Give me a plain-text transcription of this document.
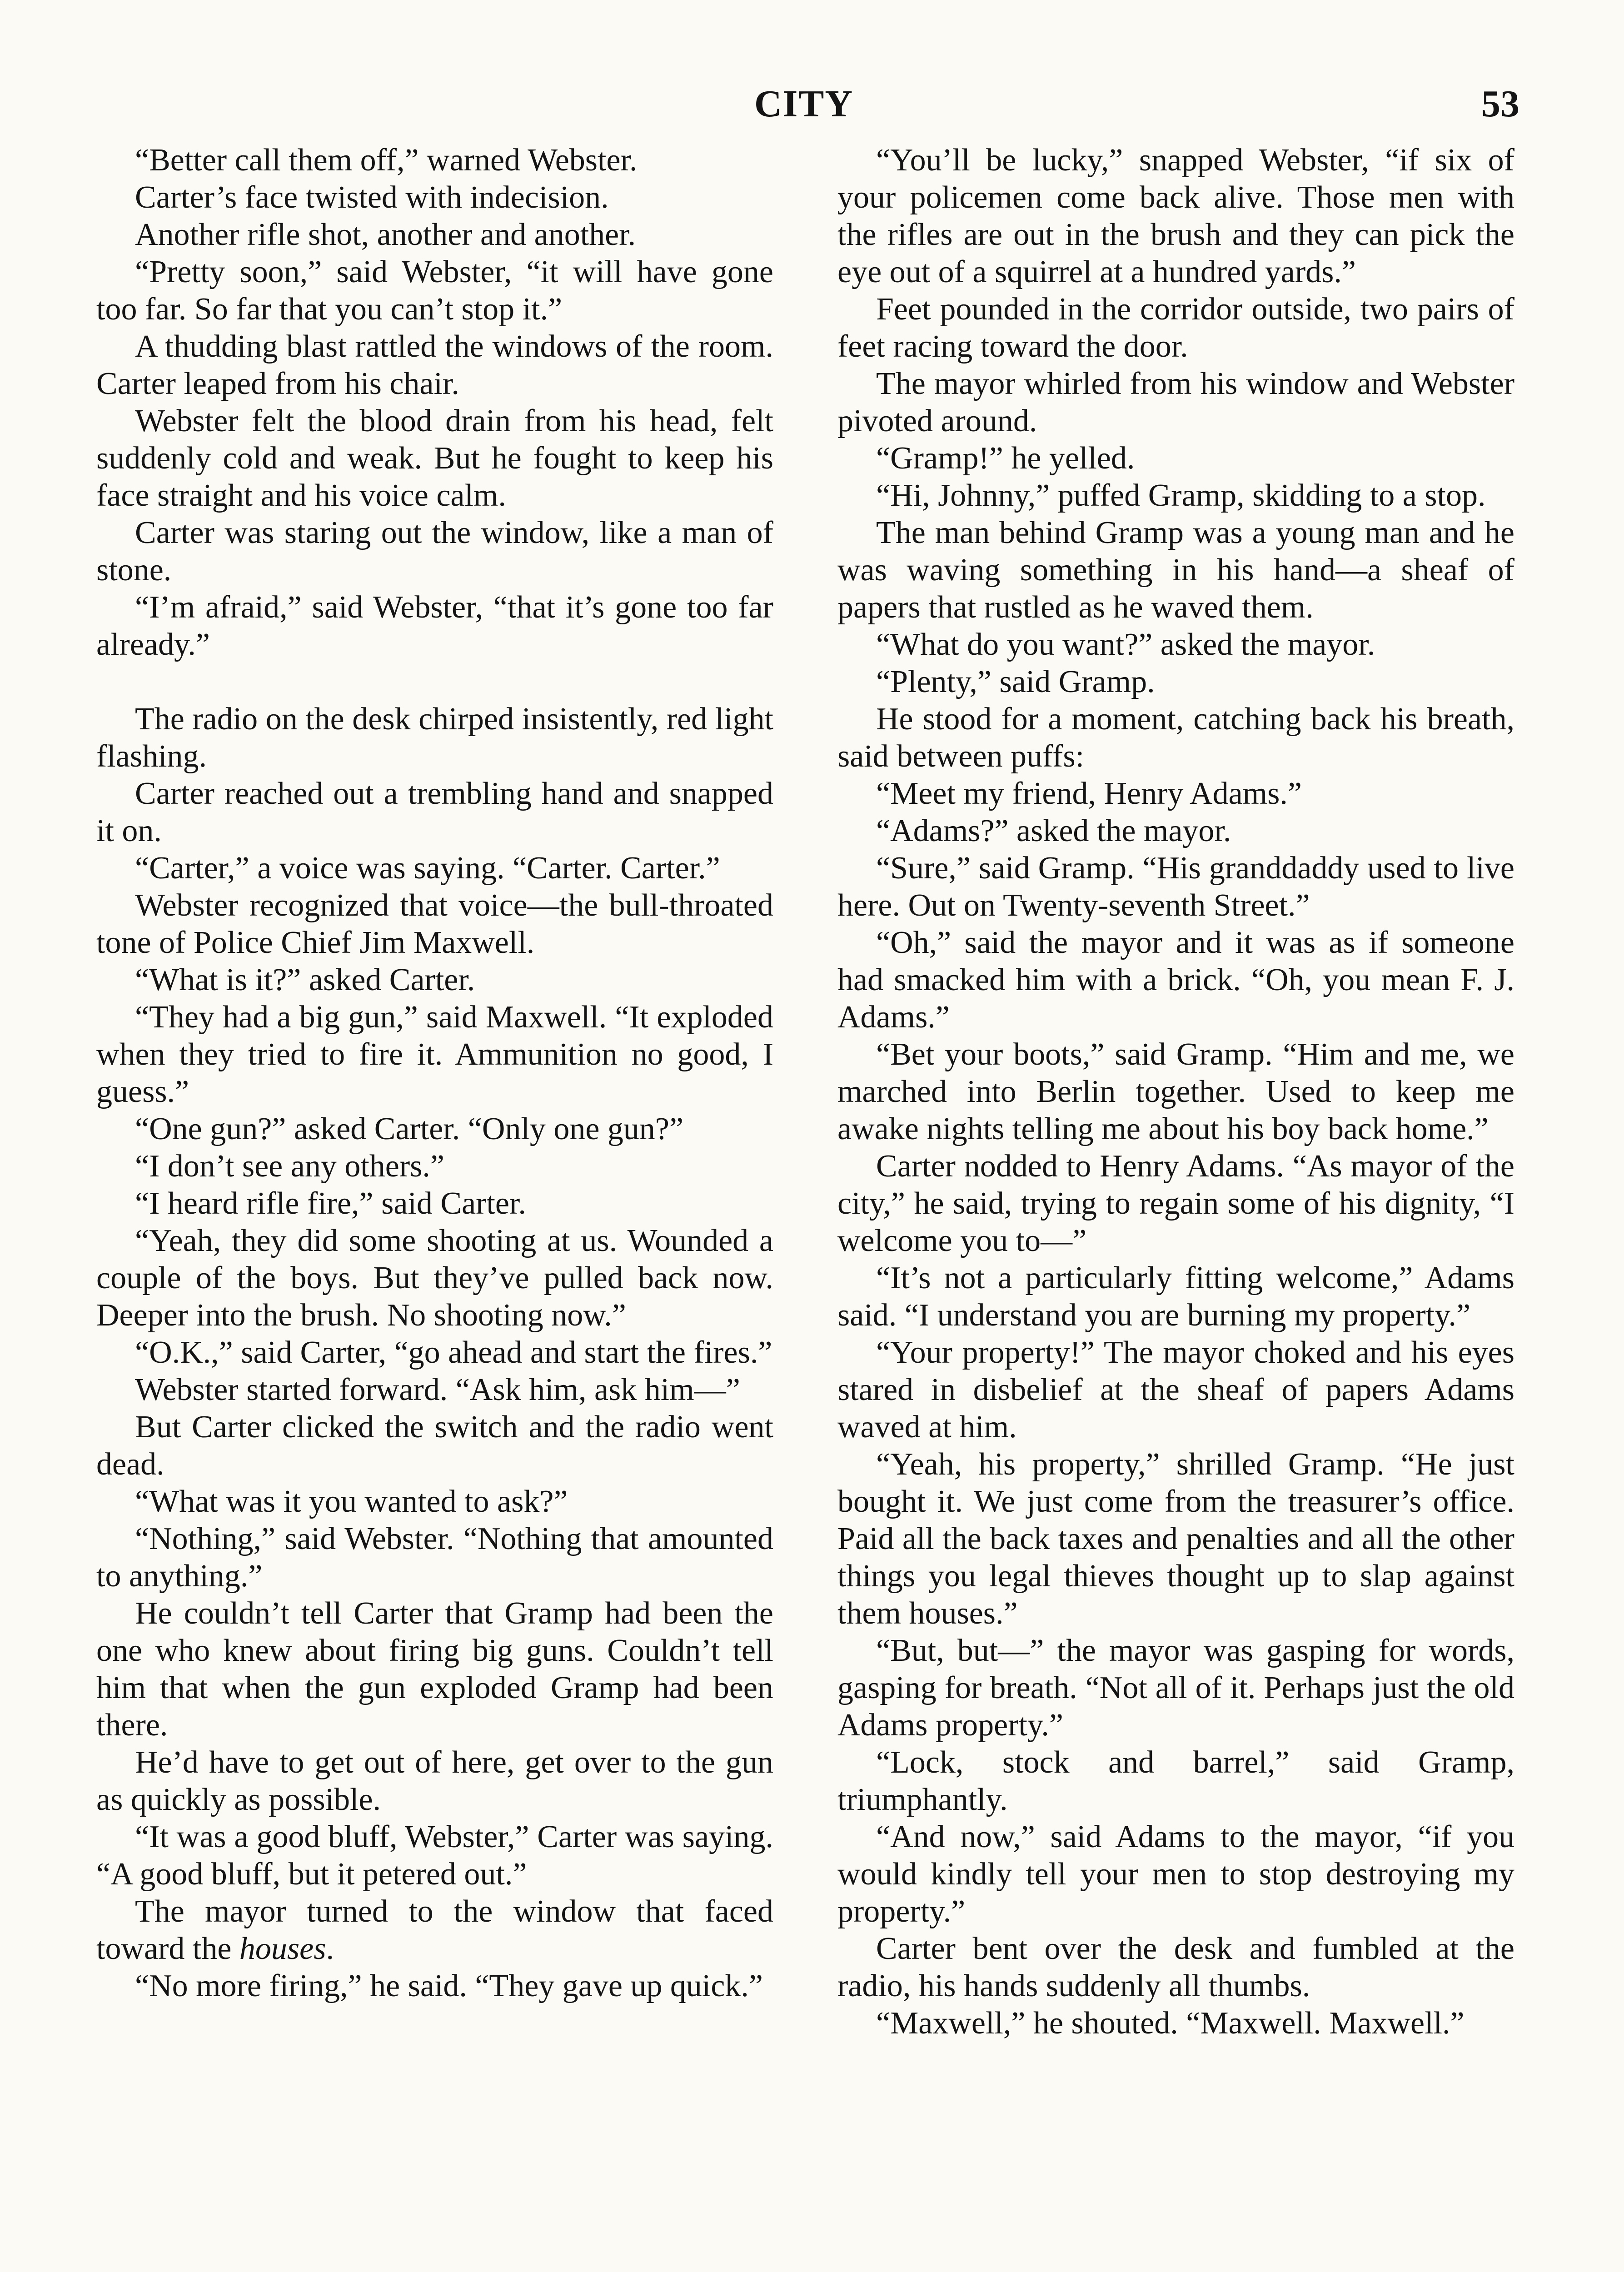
CITY	53

“Better call them off,” warned Webster.

Carter’s face twisted with indecision.

Another rifle shot, another and another.

“Pretty soon,” said Webster, “it will have gone too far. So far that you can’t stop it.”

A thudding blast rattled the windows of the room. Carter leaped from his chair.

Webster felt the blood drain from his head, felt suddenly cold and weak. But he fought to keep his face straight and his voice calm.

Carter was staring out the window, like a man of stone.

“I’m afraid,” said Webster, “that it’s gone too far already.”

The radio on the desk chirped insistently, red light flashing.

Carter reached out a trembling hand and snapped it on.

“Carter,” a voice was saying. “Carter. Carter.”

Webster recognized that voice—the bull-throated tone of Police Chief Jim Maxwell.

“What is it?” asked Carter.

“They had a big gun,” said Maxwell. “It exploded when they tried to fire it. Ammunition no good, I guess.”

“One gun?” asked Carter. “Only one gun?”

“I don’t see any others.”

“I heard rifle fire,” said Carter.

“Yeah, they did some shooting at us. Wounded a couple of the boys. But they’ve pulled back now. Deeper into the brush. No shooting now.”

“O.K.,” said Carter, “go ahead and start the fires.”

Webster started forward. “Ask him, ask him—”

But Carter clicked the switch and the radio went dead.

“What was it you wanted to ask?”

“Nothing,” said Webster. “Nothing that amounted to anything.”

He couldn’t tell Carter that Gramp had been the one who knew about firing big guns. Couldn’t tell him that when the gun exploded Gramp had been there.

He’d have to get out of here, get over to the gun as quickly as possible.

“It was a good bluff, Webster,” Carter was saying. “A good bluff, but it petered out.”

The mayor turned to the window that faced toward the houses.

“No more firing,” he said. “They gave up quick.”

“You’ll be lucky,” snapped Webster, “if six of your policemen come back alive. Those men with the rifles are out in the brush and they can pick the eye out of a squirrel at a hundred yards.”

Feet pounded in the corridor outside, two pairs of feet racing toward the door.

The mayor whirled from his window and Webster pivoted around.

“Gramp!” he yelled.

“Hi, Johnny,” puffed Gramp, skidding to a stop.

The man behind Gramp was a young man and he was waving something in his hand—a sheaf of papers that rustled as he waved them.

“What do you want?” asked the mayor.

“Plenty,” said Gramp.

He stood for a moment, catching back his breath, said between puffs:

“Meet my friend, Henry Adams.”

“Adams?” asked the mayor.

“Sure,” said Gramp. “His granddaddy used to live here. Out on Twenty-seventh Street.”

“Oh,” said the mayor and it was as if someone had smacked him with a brick. “Oh, you mean F. J. Adams.”

“Bet your boots,” said Gramp. “Him and me, we marched into Berlin together. Used to keep me awake nights telling me about his boy back home.”

Carter nodded to Henry Adams. “As mayor of the city,” he said, trying to regain some of his dignity, “I welcome you to—”

“It’s not a particularly fitting welcome,” Adams said. “I understand you are burning my property.”

“Your property!” The mayor choked and his eyes stared in disbelief at the sheaf of papers Adams waved at him.

“Yeah, his property,” shrilled Gramp. “He just bought it. We just come from the treasurer’s office. Paid all the back taxes and penalties and all the other things you legal thieves thought up to slap against them houses.”

“But, but—” the mayor was gasping for words, gasping for breath. “Not all of it. Perhaps just the old Adams property.”

“Lock, stock and barrel,” said Gramp, triumphantly.

“And now,” said Adams to the mayor, “if you would kindly tell your men to stop destroying my property.”

Carter bent over the desk and fumbled at the radio, his hands suddenly all thumbs.

“Maxwell,” he shouted. “Maxwell. Maxwell.”
